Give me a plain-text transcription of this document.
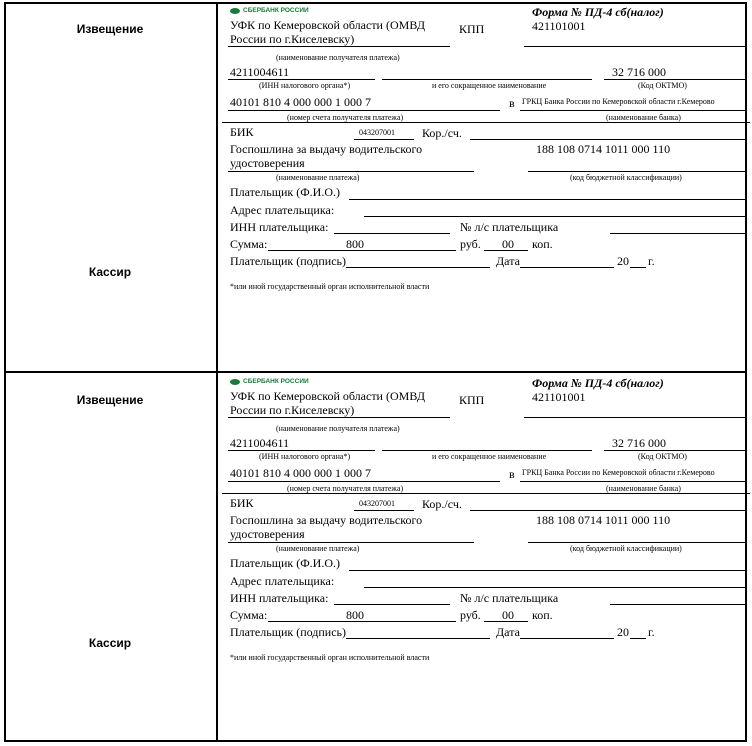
Извещение
Кассир
СБЕРБАНК РОССИИ	Форма № ПД-4 сб(налог)
УФК по Кемеровской области (ОМВД
России по г.Киселевску)
КПП	421101001
(наименование получателя платежа)
4211004611	32 716 000
(ИНН налогового органа*)	и его сокращенное наименование	(Код ОКТМО)
40101 810 4 000 000 1 000 7	в ГРКЦ Банка России по Кемеровской области г.Кемерово
(номер счета получателя платежа)	(наименование банка)
БИК	043207001 Кор./сч.
Госпошлина за выдачу водительского
удостоверения
188 108 0714 1011 000 110
(наименование платежа)	(код бюджетной классификации)
Плательщик (Ф.И.О.)
Адрес плательщика:
ИНН плательщика:	№ л/с плательщика
Сумма:	800	руб. 00 коп.
Плательщик (подпись)	Дата	20 г.
*или иной государственный орган исполнительной власти
Извещение
Кассир
СБЕРБАНК РОССИИ	Форма № ПД-4 сб(налог)
УФК по Кемеровской области (ОМВД
России по г.Киселевску)
КПП	421101001
(наименование получателя платежа)
4211004611	32 716 000
(ИНН налогового органа*)	и его сокращенное наименование	(Код ОКТМО)
40101 810 4 000 000 1 000 7	в ГРКЦ Банка России по Кемеровской области г.Кемерово
(номер счета получателя платежа)	(наименование банка)
БИК	043207001 Кор./сч.
Госпошлина за выдачу водительского
удостоверения
188 108 0714 1011 000 110
(наименование платежа)	(код бюджетной классификации)
Плательщик (Ф.И.О.)
Адрес плательщика:
ИНН плательщика:	№ л/с плательщика
Сумма:	800	руб. 00 коп.
Плательщик (подпись)	Дата	20 г.
*или иной государственный орган исполнительной власти
